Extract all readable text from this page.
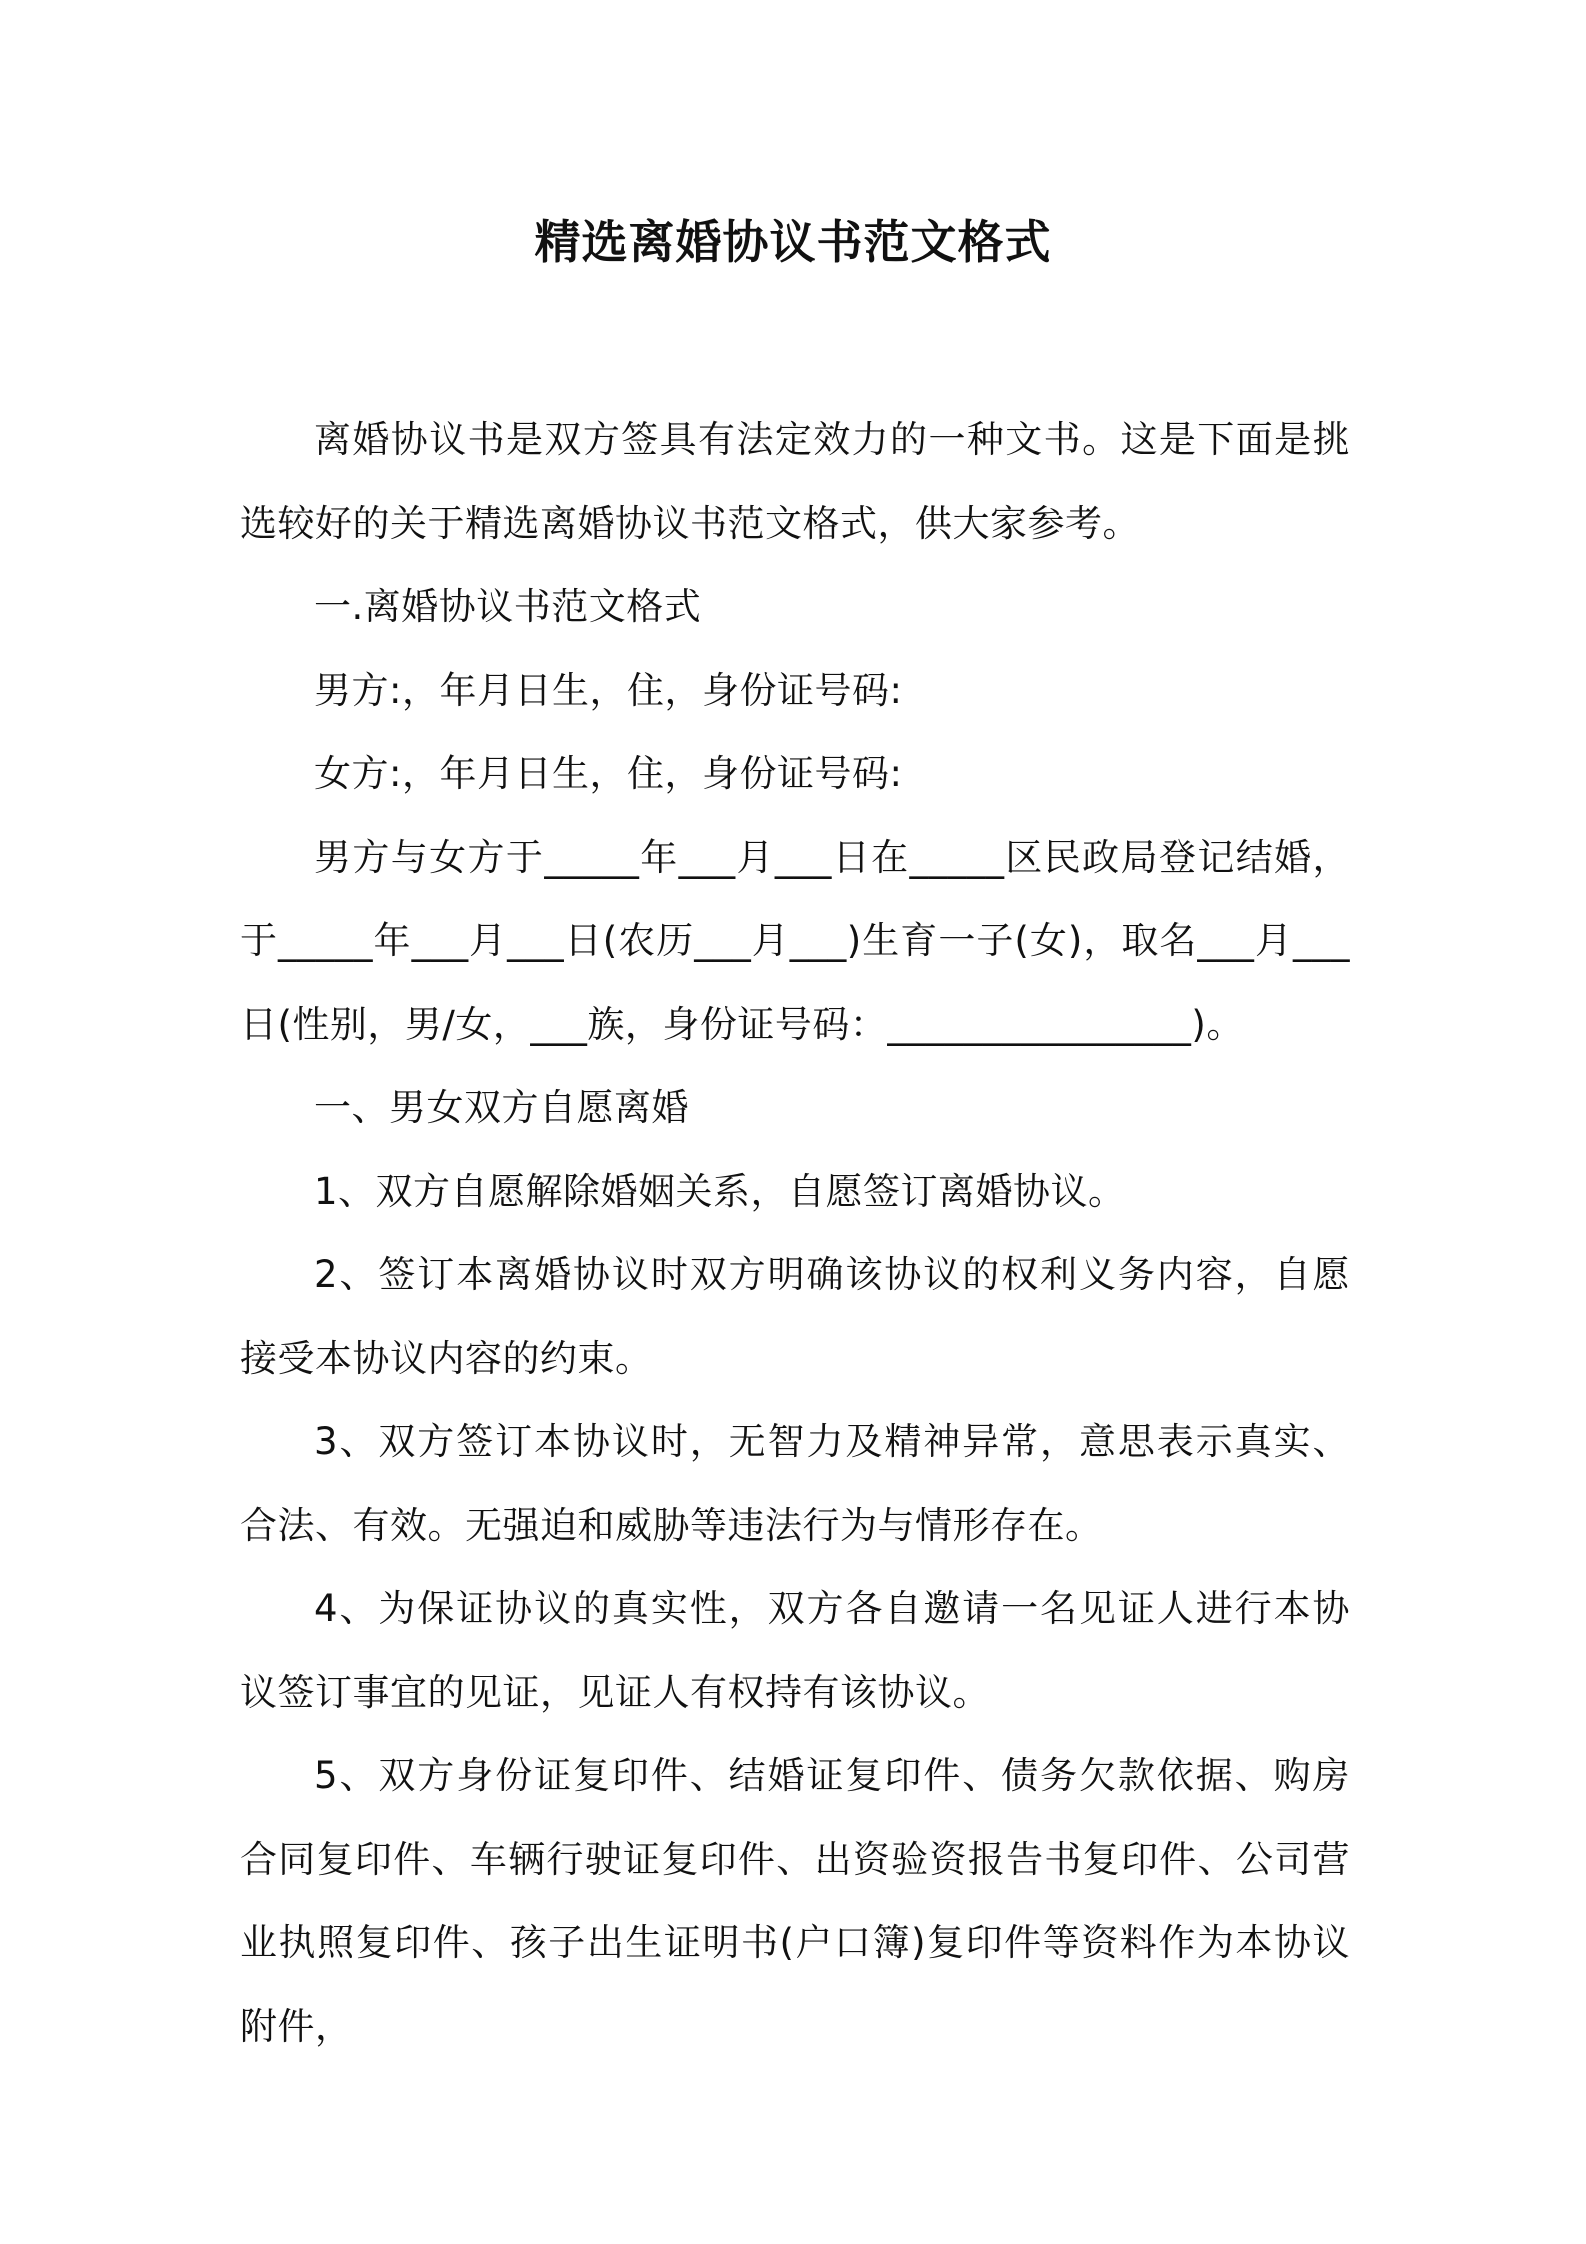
精选离婚协议书范文格式

离婚协议书是双方签具有法定效力的一种文书。这是下面是挑选较好的关于精选离婚协议书范文格式，供大家参考。

一.离婚协议书范文格式

男方:，年月日生，住，身份证号码:

女方:，年月日生，住，身份证号码:

男方与女方于_____年___月___日在_____区民政局登记结婚，于_____年___月___日(农历___月___)生育一子(女)，取名___月___日(性别，男/女，___族，身份证号码：________________)。

一、男女双方自愿离婚

1、双方自愿解除婚姻关系，自愿签订离婚协议。

2、签订本离婚协议时双方明确该协议的权利义务内容，自愿接受本协议内容的约束。

3、双方签订本协议时，无智力及精神异常，意思表示真实、合法、有效。无强迫和威胁等违法行为与情形存在。

4、为保证协议的真实性，双方各自邀请一名见证人进行本协议签订事宜的见证，见证人有权持有该协议。

5、双方身份证复印件、结婚证复印件、债务欠款依据、购房合同复印件、车辆行驶证复印件、出资验资报告书复印件、公司营业执照复印件、孩子出生证明书(户口簿)复印件等资料作为本协议附件，
